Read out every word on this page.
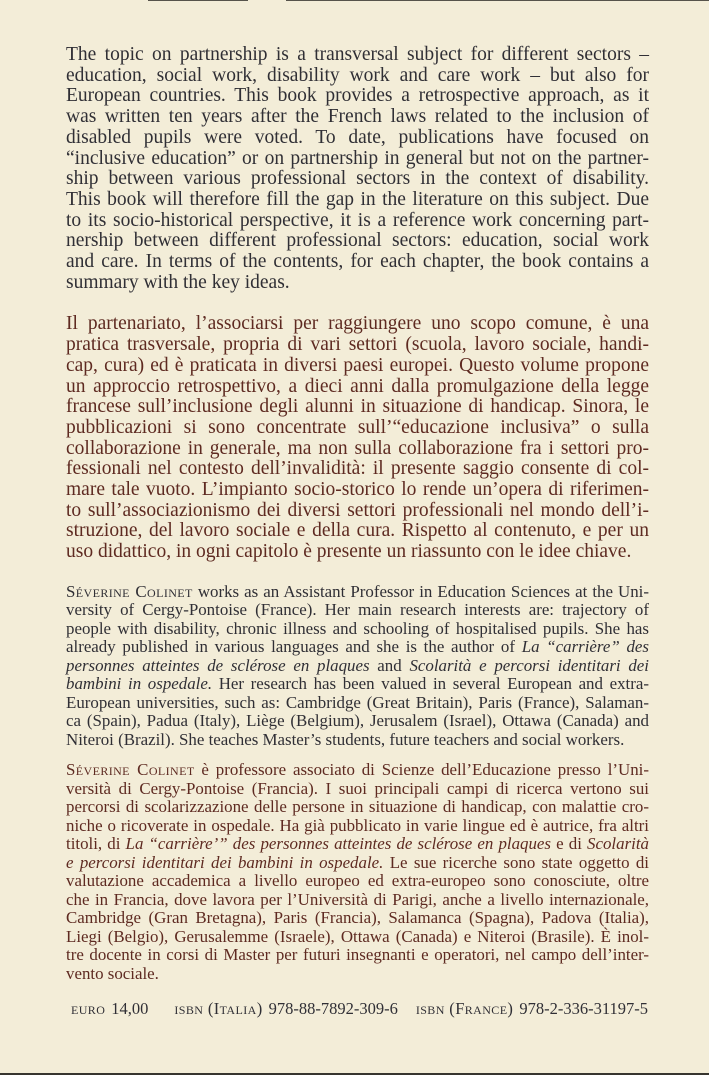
The topic on partnership is a transversal subject for different sectors –
education, social work, disability work and care work – but also for
European countries. This book provides a retrospective approach, as it
was written ten years after the French laws related to the inclusion of
disabled pupils were voted. To date, publications have focused on
“inclusive education” or on partnership in general but not on the partner-
ship between various professional sectors in the context of disability.
This book will therefore fill the gap in the literature on this subject. Due
to its socio-historical perspective, it is a reference work concerning part-
nership between different professional sectors: education, social work
and care. In terms of the contents, for each chapter, the book contains a
summary with the key ideas.
Il partenariato, l’associarsi per raggiungere uno scopo comune, è una
pratica trasversale, propria di vari settori (scuola, lavoro sociale, handi-
cap, cura) ed è praticata in diversi paesi europei. Questo volume propone
un approccio retrospettivo, a dieci anni dalla promulgazione della legge
francese sull’inclusione degli alunni in situazione di handicap. Sinora, le
pubblicazioni si sono concentrate sull’“educazione inclusiva” o sulla
collaborazione in generale, ma non sulla collaborazione fra i settori pro-
fessionali nel contesto dell’invalidità: il presente saggio consente di col-
mare tale vuoto. L’impianto socio-storico lo rende un’opera di riferimen-
to sull’associazionismo dei diversi settori professionali nel mondo dell’i-
struzione, del lavoro sociale e della cura. Rispetto al contenuto, e per un
uso didattico, in ogni capitolo è presente un riassunto con le idee chiave.
Séverine Colinet works as an Assistant Professor in Education Sciences at the Uni-
versity of Cergy-Pontoise (France). Her main research interests are: trajectory of
people with disability, chronic illness and schooling of hospitalised pupils. She has
already published in various languages and she is the author of La “carrière” des
personnes atteintes de sclérose en plaques and Scolarità e percorsi identitari dei
bambini in ospedale. Her research has been valued in several European and extra-
European universities, such as: Cambridge (Great Britain), Paris (France), Salaman-
ca (Spain), Padua (Italy), Liège (Belgium), Jerusalem (Israel), Ottawa (Canada) and
Niteroi (Brazil). She teaches Master’s students, future teachers and social workers.
Séverine Colinet è professore associato di Scienze dell’Educazione presso l’Uni-
versità di Cergy-Pontoise (Francia). I suoi principali campi di ricerca vertono sui
percorsi di scolarizzazione delle persone in situazione di handicap, con malattie cro-
niche o ricoverate in ospedale. Ha già pubblicato in varie lingue ed è autrice, fra altri
titoli, di La “carrière’” des personnes atteintes de sclérose en plaques e di Scolarità
e percorsi identitari dei bambini in ospedale. Le sue ricerche sono state oggetto di
valutazione accademica a livello europeo ed extra-europeo sono conosciute, oltre
che in Francia, dove lavora per l’Università di Parigi, anche a livello internazionale,
Cambridge (Gran Bretagna), Paris (Francia), Salamanca (Spagna), Padova (Italia),
Liegi (Belgio), Gerusalemme (Israele), Ottawa (Canada) e Niteroi (Brasile). È inol-
tre docente in corsi di Master per futuri insegnanti e operatori, nel campo dell’inter-
vento sociale.
euro 14,00 isbn (Italia) 978-88-7892-309-6 isbn (France) 978-2-336-31197-5
